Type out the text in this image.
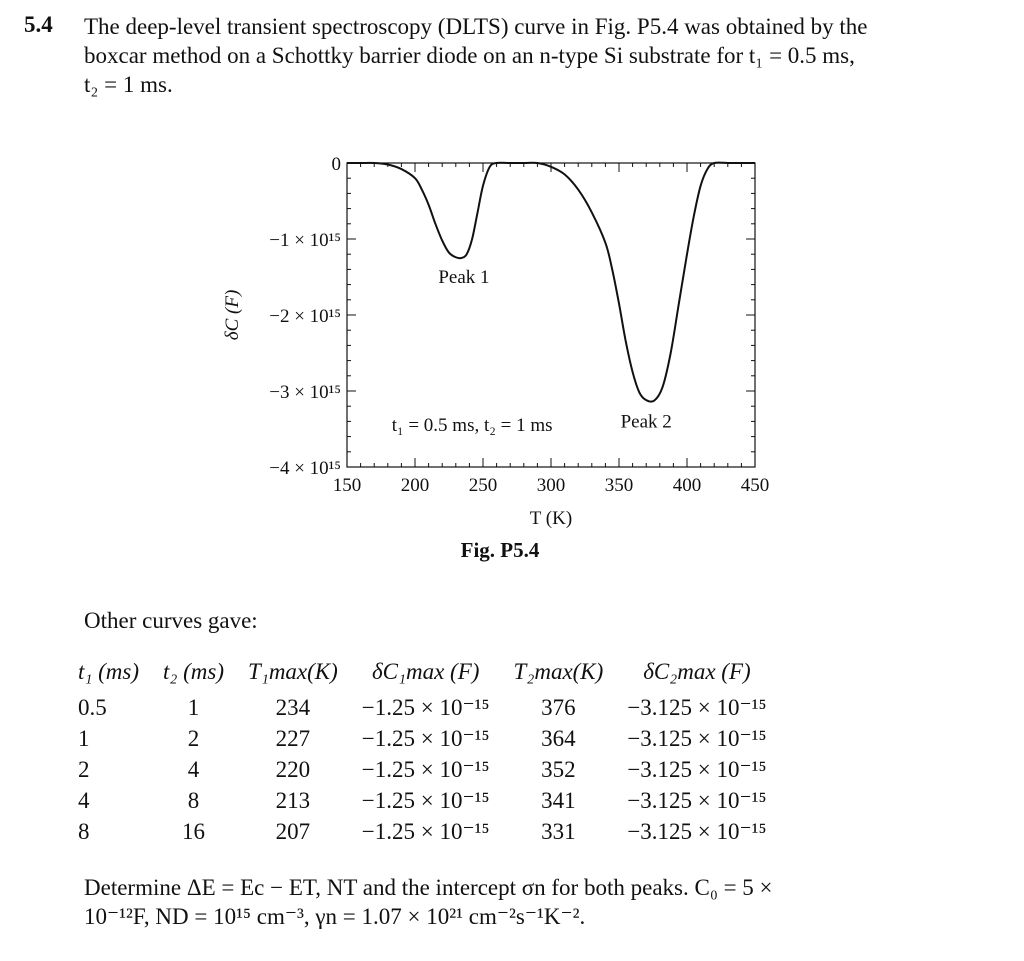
5.4 The deep-level transient spectroscopy (DLTS) curve in Fig. P5.4 was obtained by the
boxcar method on a Schottky barrier diode on an n-type Si substrate for t₁ = 0.5 ms,
t₂ = 1 ms.
150 200 250 300 350 400 450
0
−1 × 10¹⁵
−2 × 10¹⁵
−3 × 10¹⁵
−4 × 10¹⁵
T (K)
δC (F)
Peak 1
Peak 2
t₁ = 0.5 ms, t₂ = 1 ms
Fig. P5.4
Other curves gave:
t₁ (ms)	t₂ (ms)	T₁max(K)	δC₁max (F)	T₂max(K)	δC₂max (F)
0.5	1	234	−1.25 × 10⁻¹⁵	376	−3.125 × 10⁻¹⁵
1	2	227	−1.25 × 10⁻¹⁵	364	−3.125 × 10⁻¹⁵
2	4	220	−1.25 × 10⁻¹⁵	352	−3.125 × 10⁻¹⁵
4	8	213	−1.25 × 10⁻¹⁵	341	−3.125 × 10⁻¹⁵
8	16	207	−1.25 × 10⁻¹⁵	331	−3.125 × 10⁻¹⁵
Determine ΔE = Ec − ET, NT and the intercept σn for both peaks. C₀ = 5 ×
10⁻¹²F, ND = 10¹⁵ cm⁻³, γn = 1.07 × 10²¹ cm⁻²s⁻¹K⁻².
